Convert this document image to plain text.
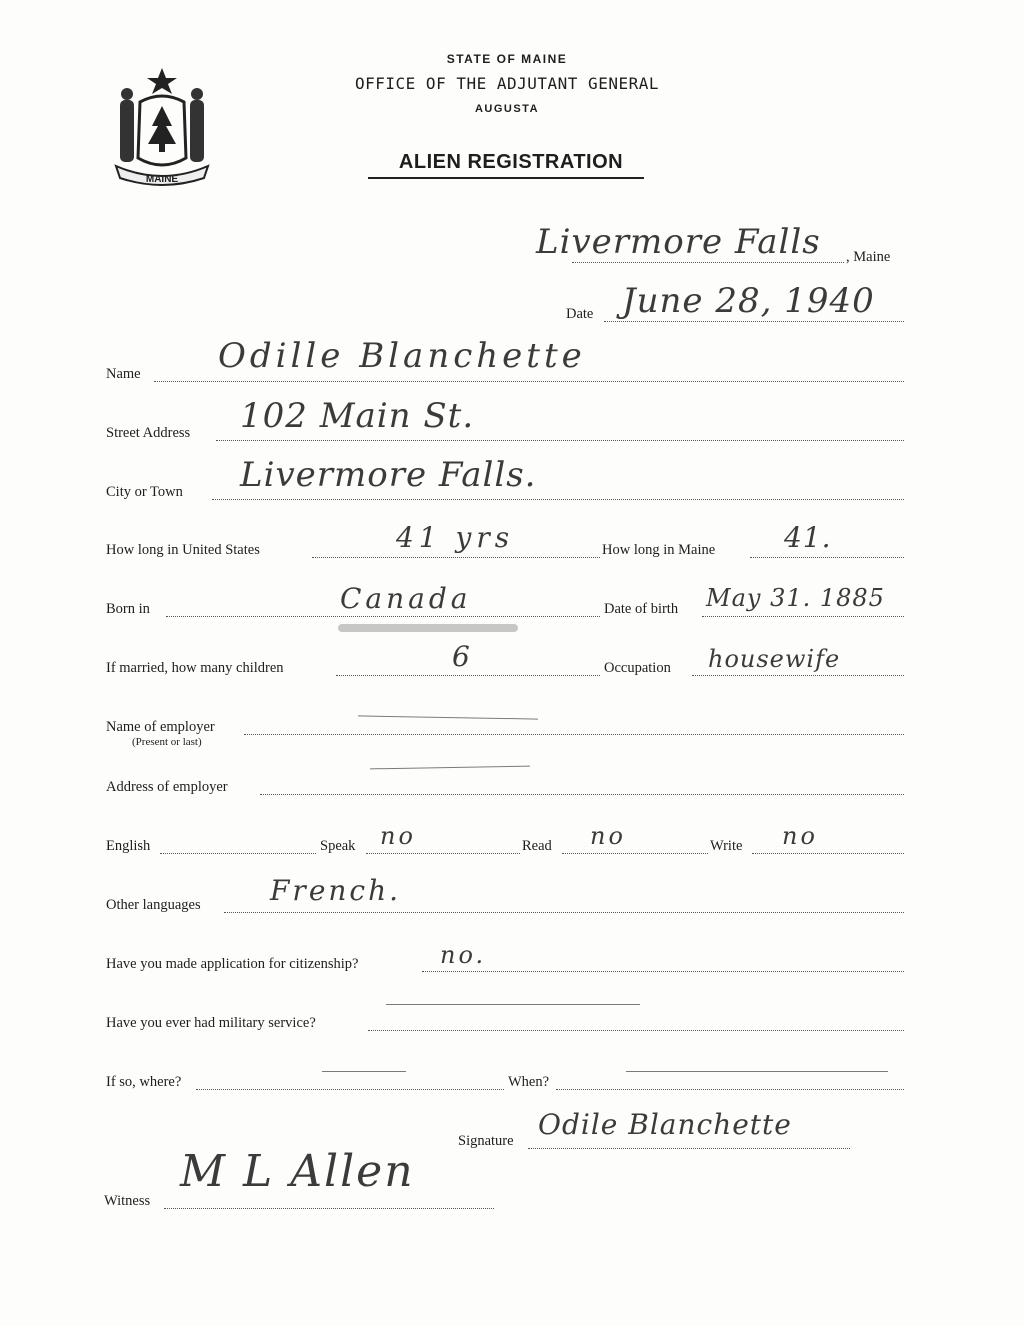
MAINE
STATE OF MAINE
OFFICE OF THE ADJUTANT GENERAL
AUGUSTA
ALIEN REGISTRATION
Livermore Falls , Maine
Date June 28, 1940
Name Odille Blanchette
Street Address 102 Main St.
City or Town Livermore Falls.
How long in United States	41 yrs	How long in Maine 41.
Born in	Canada	Date of birth May 31. 1885
If married, how many children	6	Occupation housewife
Name of employer
(Present or last)
Address of employer
English	Speak no	Read no	Write no
Other languages French.
Have you made application for citizenship?	no.
Have you ever had military service?
If so, where?	When?
Signature Odile Blanchette
Witness
M L Allen
